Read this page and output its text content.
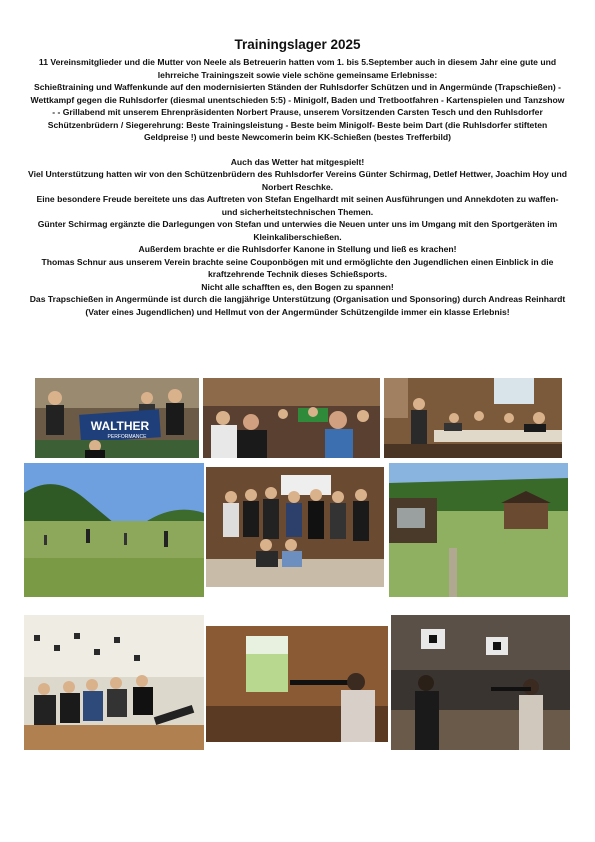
Trainingslager 2025

11 Vereinsmitglieder und die Mutter von Neele als Betreuerin hatten vom 1. bis 5.September auch in diesem Jahr eine gute und lehrreiche Trainingszeit sowie viele schöne gemeinsame Erlebnisse:

Schießtraining und Waffenkunde auf den modernisierten Ständen der Ruhlsdorfer Schützen und in Angermünde (Trapschießen) - Wettkampf gegen die Ruhlsdorfer (diesmal unentschieden 5:5) - Minigolf, Baden und Tretbootfahren - Kartenspielen und Tanzshow - - Grillabend mit unserem Ehrenpräsidenten Norbert Prause, unserem Vorsitzenden Carsten Tesch und den Ruhlsdorfer Schützenbrüdern / Siegerehrung: Beste Trainingsleistung - Beste beim Minigolf- Beste beim Dart (die Ruhlsdorfer stifteten Geldpreise !) und beste Newcomerin beim KK-Schießen (bestes Trefferbild)

Auch das Wetter hat mitgespielt!

Viel Unterstützung hatten wir von den Schützenbrüdern des Ruhlsdorfer Vereins Günter Schirmag, Detlef Hettwer, Joachim Hoy und Norbert Reschke.

Eine besondere Freude bereitete uns das Auftreten von Stefan Engelhardt mit seinen Ausführungen und Annekdoten zu waffen- und sicherheitstechnischen Themen.

Günter Schirmag ergänzte die Darlegungen von Stefan und unterwies die Neuen unter uns im Umgang mit den Sportgeräten im Kleinkaliberschießen.

Außerdem brachte er die Ruhlsdorfer Kanone in Stellung und ließ es krachen!

Thomas Schnur aus unserem Verein brachte seine Couponbögen mit und ermöglichte den Jugendlichen einen Einblick in die kraftzehrende Technik dieses Schießsports.

Nicht alle schafften es, den Bogen zu spannen!

Das Trapschießen in Angermünde ist durch die langjährige Unterstützung (Organisation und Sponsoring) durch Andreas Reinhardt (Vater eines Jugendlichen) und Hellmut von der Angermünder Schützengilde immer ein klasse Erlebnis!

WALTHER
PERFORMANCE
